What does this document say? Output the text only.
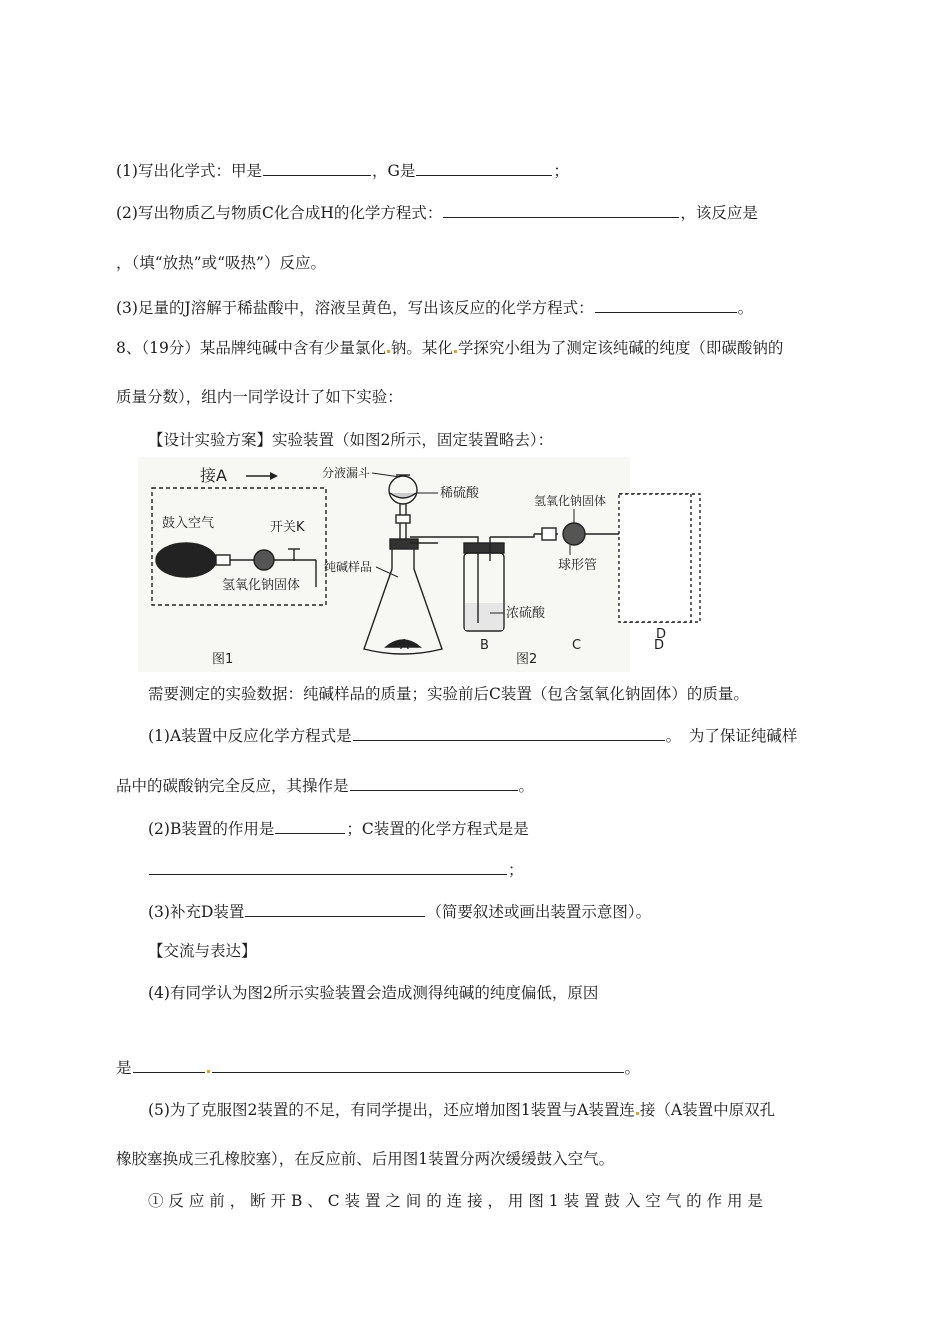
(1)写出化学式：甲是	，G是	；
(2)写出物质乙与物质C化合成H的化学方程式：	，该反应是
，（填“放热”或“吸热”）反应。
(3)足量的J溶解于稀盐酸中，溶液呈黄色，写出该反应的化学方程式：	。
8、（19分）某品牌纯碱中含有少量氯化 钠。某化 学探究小组为了测定该纯碱的纯度（即碳酸钠的
质量分数），组内一同学设计了如下实验：
【设计实验方案】实验装置（如图2所示，固定装置略去）：
接A
鼓入空气	开关K
氢氧化钠固体
分液漏斗
稀硫酸
纯碱样品
浓硫酸
氢氧化钠固体
球形管
A	B	C
图1	图2
D
D
需要测定的实验数据：纯碱样品的质量；实验前后C装置（包含氢氧化钠固体）的质量。
(1)A装置中反应化学方程式是	。　为了保证纯碱样
品中的碳酸钠完全反应，其操作是	。
(2)B装置的作用是	；C装置的化学方程式是是
；
(3)补充D装置	（简要叙述或画出装置示意图）。
【交流与表达】
(4)有同学认为图2所示实验装置会造成测得纯碱的纯度偏低，原因
是	。
(5)为了克服图2装置的不足，有同学提出，还应增加图1装置与A装置连 接（A装置中原双孔
橡胶塞换成三孔橡胶塞），在反应前、后用图1装置分两次缓缓鼓入空气。
① 反 应 前 ， 断 开 B 、 C 装 置 之 间 的 连 接 ， 用 图 1 装 置 鼓 入 空 气 的 作 用 是
